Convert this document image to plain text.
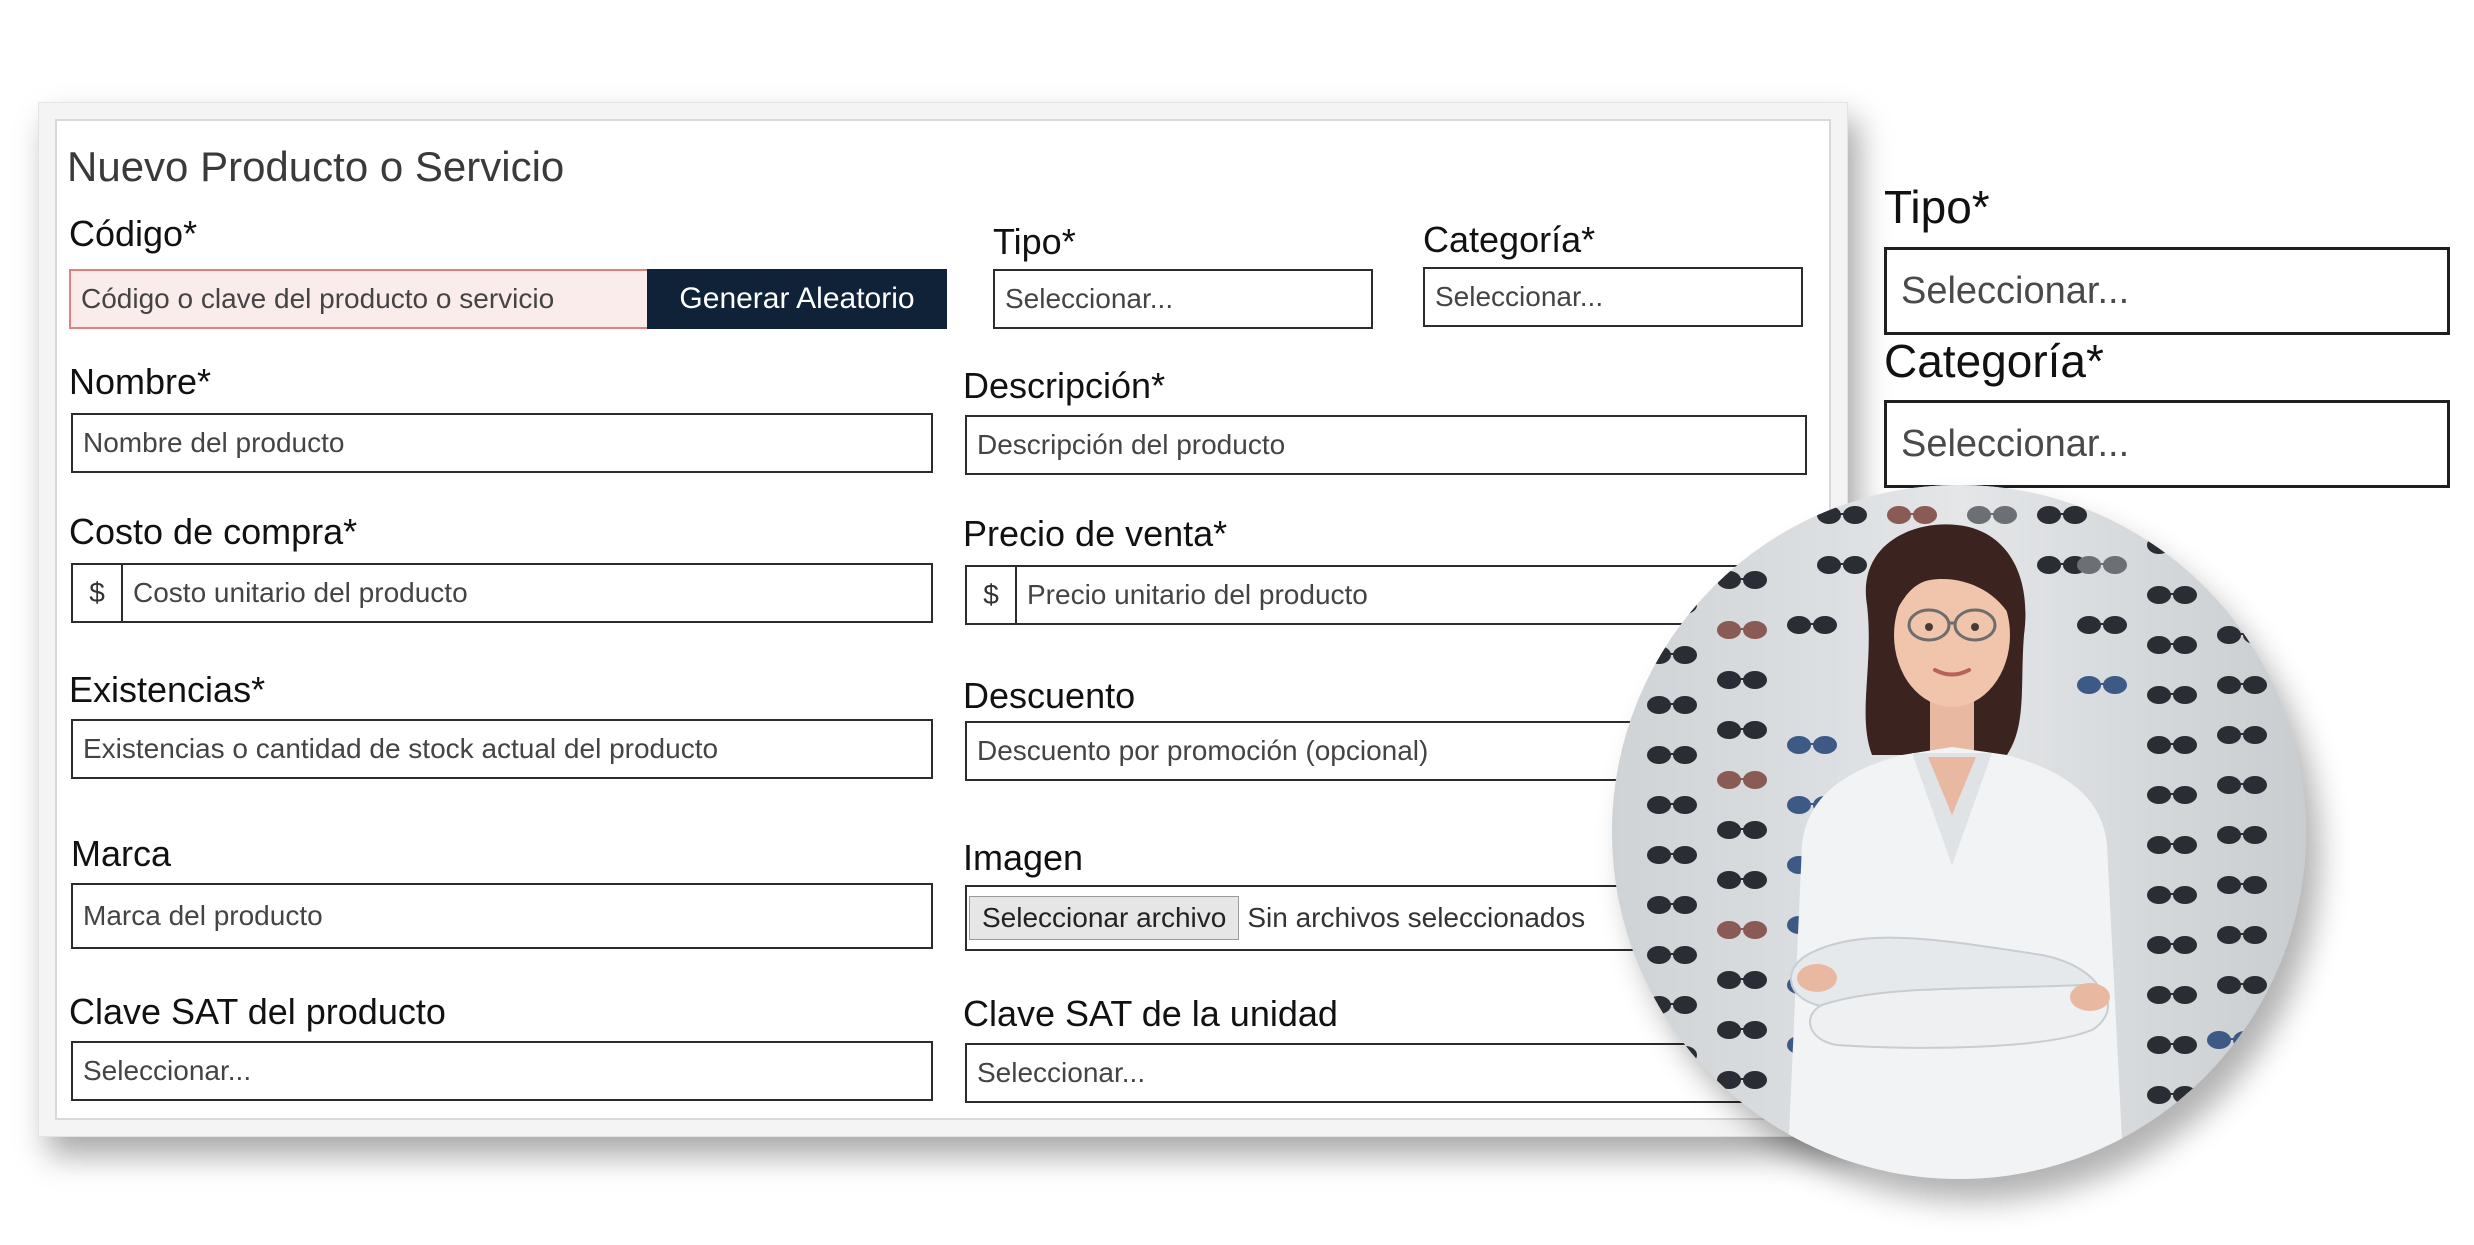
Nuevo Producto o Servicio
Código*
Código o clave del producto o servicio	Generar Aleatorio
Tipo*
Seleccionar...
Categoría*
Seleccionar...
Nombre*
Nombre del producto
Descripción*
Descripción del producto
Costo de compra*
$	Costo unitario del producto
Precio de venta*
$	Precio unitario del producto
Existencias*
Existencias o cantidad de stock actual del producto
Descuento
Descuento por promoción (opcional)
Marca
Marca del producto
Imagen
Seleccionar archivo Sin archivos seleccionados
Clave SAT del producto
Seleccionar...
Clave SAT de la unidad
Seleccionar...
Tipo*
Seleccionar...
Categoría*
Seleccionar...
